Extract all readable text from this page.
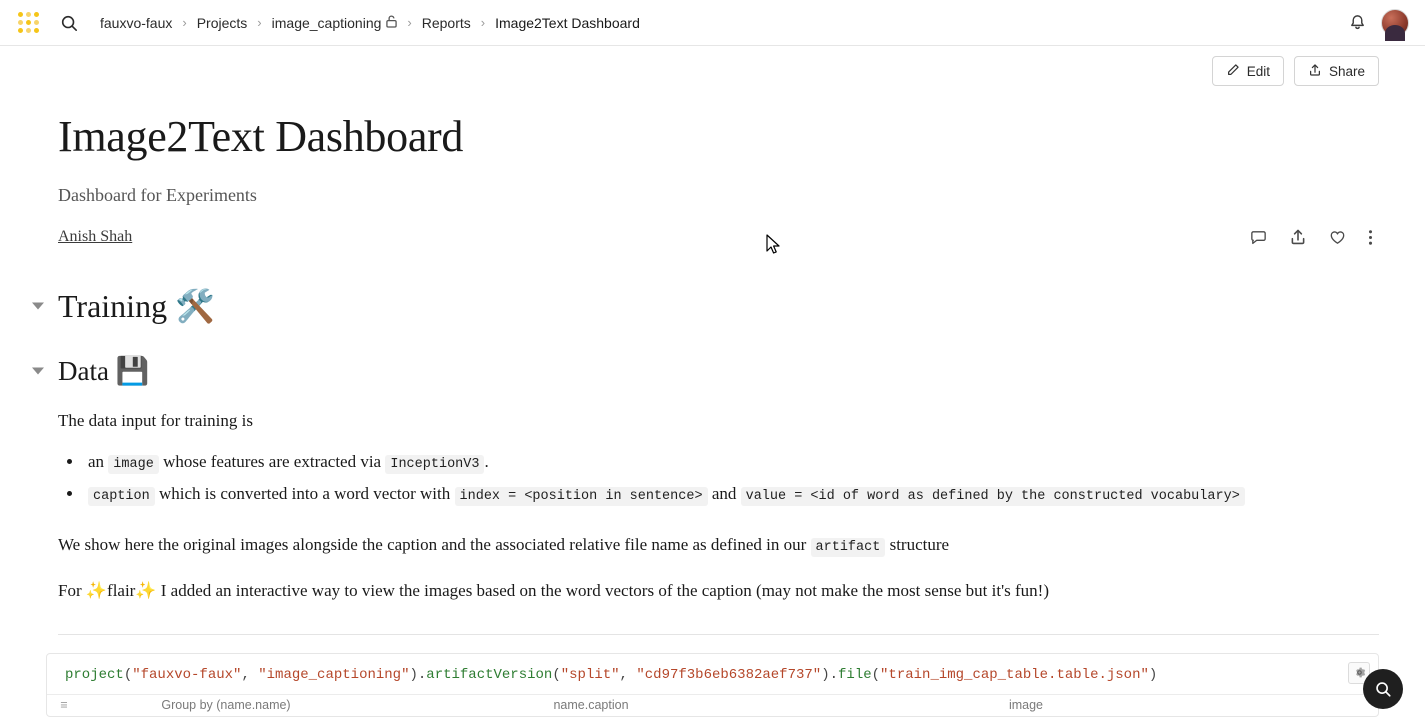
fauxvo-faux › Projects › image_captioning › Reports › Image2Text Dashboard
Edit	Share
Image2Text Dashboard
Dashboard for Experiments
Anish Shah
Training 🛠️
Data 💾

The data input for training is

• an image whose features are extracted via InceptionV3 .
• caption which is converted into a word vector with index = <position in sentence> and value = <id of word as defined by the constructed vocabulary>

We show here the original images alongside the caption and the associated relative file name as defined in our artifact structure

For ✨flair✨ I added an interactive way to view the images based on the word vectors of the caption (may not make the most sense but it's fun!)

project("fauxvo-faux", "image_captioning").artifactVersion("split", "cd97f3b6eb6382aef737").file("train_img_cap_table.table.json")
≡	Group by (name.name)	name.caption	image
